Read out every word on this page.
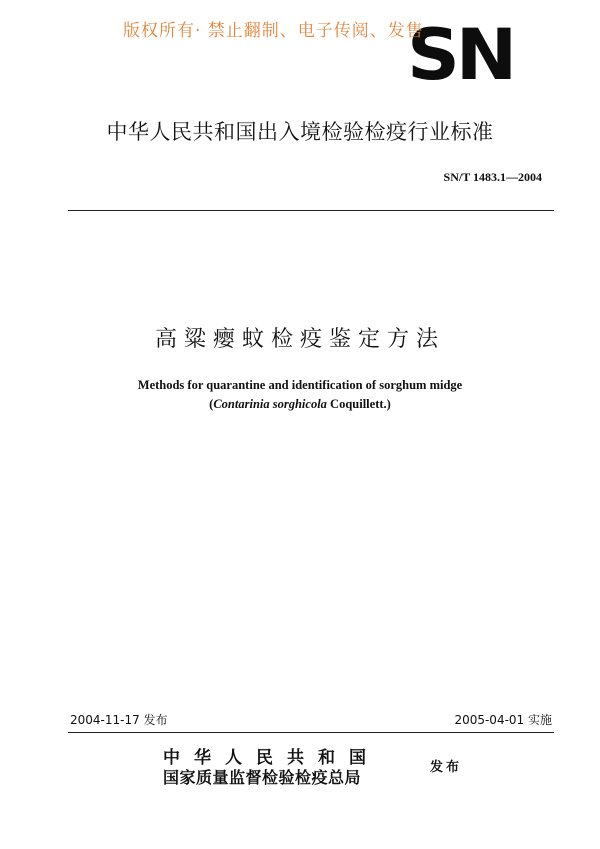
SN
版权所有· 禁止翻制、电子传阅、发售
中华人民共和国出入境检验检疫行业标准
SN/T 1483.1—2004
高粱瘿蚊检疫鉴定方法
Methods for quarantine and identification of sorghum midge
(Contarinia sorghicola Coquillett.)
2004-11-17 发布	2005-04-01 实施
中华人民共和国
国家质量监督检验检疫总局
发布
